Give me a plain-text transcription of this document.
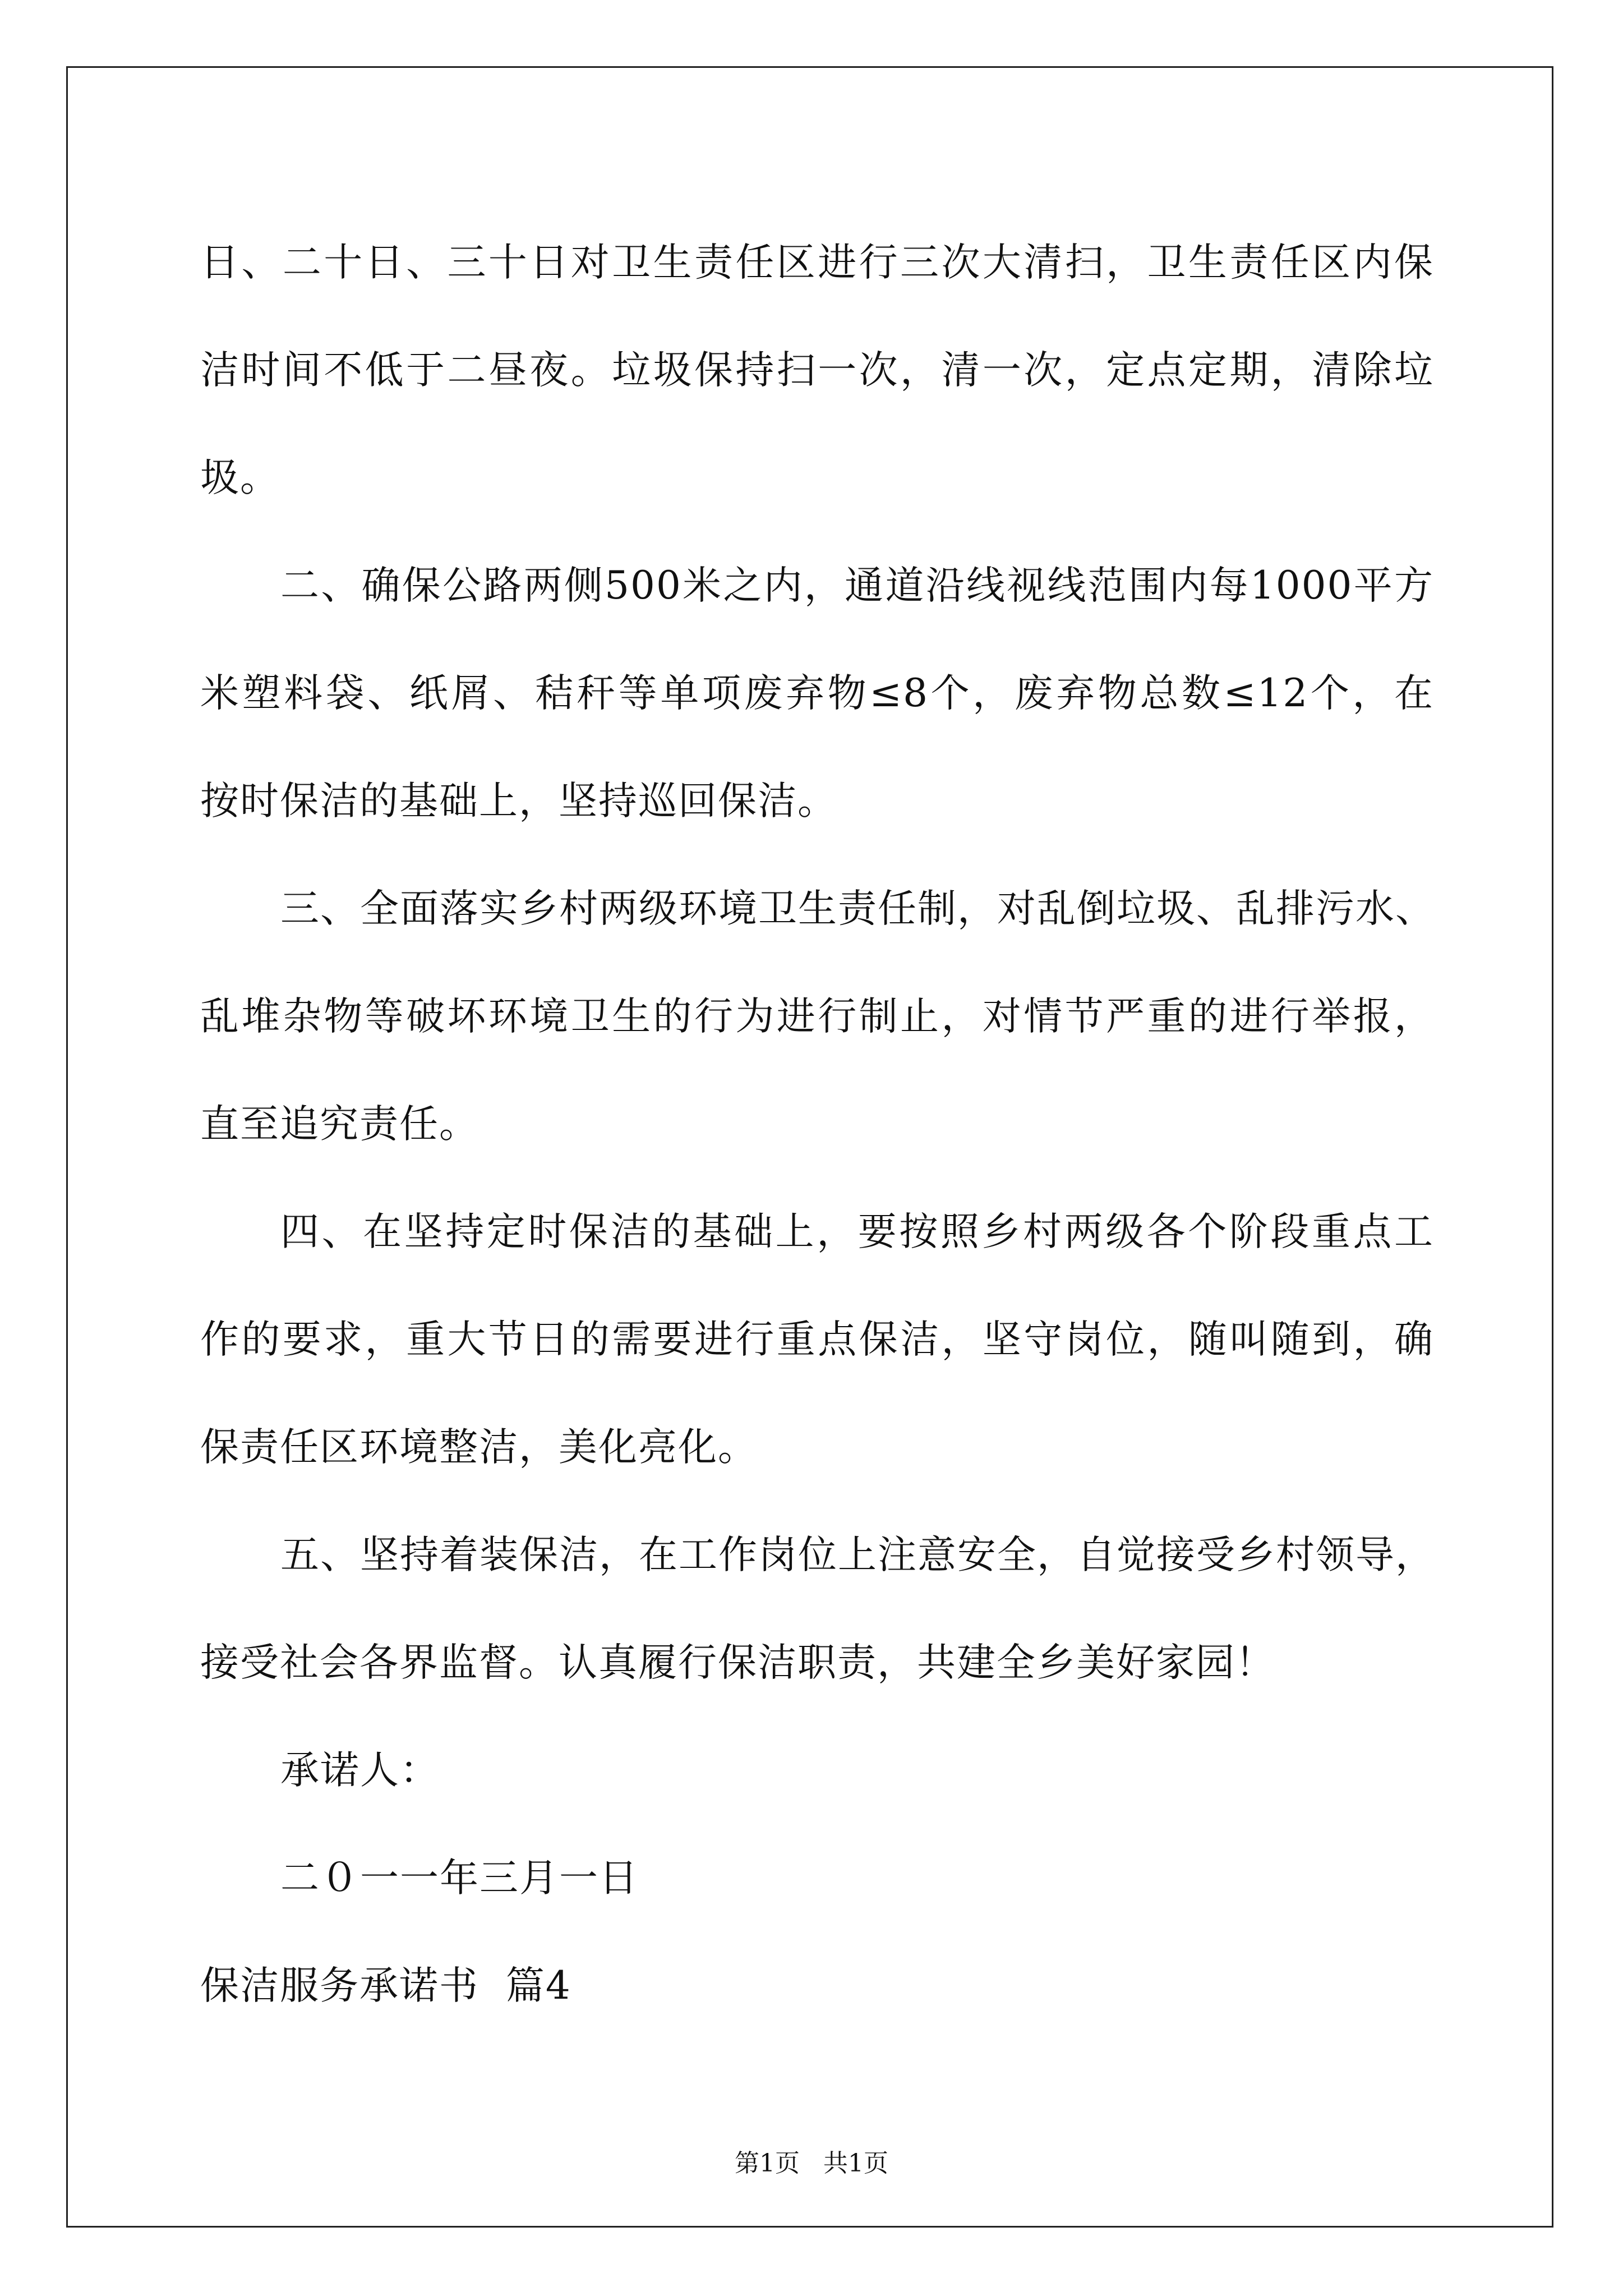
日、二十日、三十日对卫生责任区进行三次大清扫，卫生责任区内保
洁时间不低于二昼夜。垃圾保持扫一次，清一次，定点定期，清除垃
圾。
二、确保公路两侧500米之内，通道沿线视线范围内每1000平方
米塑料袋、纸屑、秸秆等单项废弃物≤8个，废弃物总数≤12个，在
按时保洁的基础上，坚持巡回保洁。
三、全面落实乡村两级环境卫生责任制，对乱倒垃圾、乱排污水、
乱堆杂物等破坏环境卫生的行为进行制止，对情节严重的进行举报，
直至追究责任。
四、在坚持定时保洁的基础上，要按照乡村两级各个阶段重点工
作的要求，重大节日的需要进行重点保洁，坚守岗位，随叫随到，确
保责任区环境整洁，美化亮化。
五、坚持着装保洁，在工作岗位上注意安全，自觉接受乡村领导，
接受社会各界监督。认真履行保洁职责，共建全乡美好家园！
承诺人：
二０一一年三月一日
保洁服务承诺书  篇4
第1页   共1页
